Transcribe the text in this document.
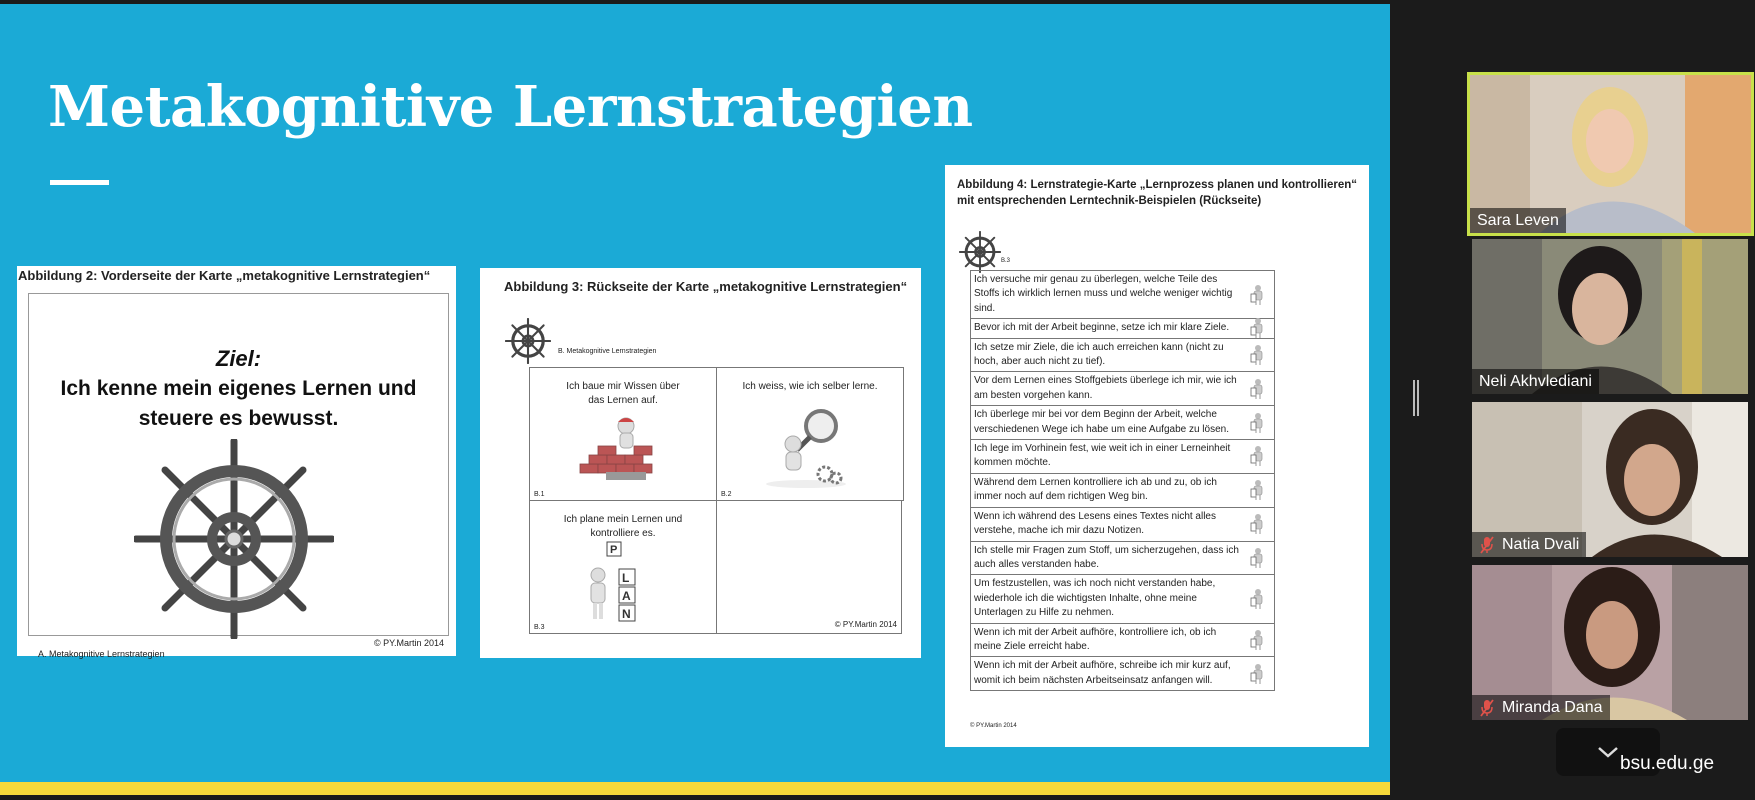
Metakognitive Lernstrategien
Abbildung 2: Vorderseite der Karte „metakognitive Lernstrategien“
Ziel:
Ich kenne mein eigenes Lernen und
steuere es bewusst.
A. Metakognitive Lernstrategien
© PY.Martin 2014
Abbildung 3: Rückseite der Karte „metakognitive Lernstrategien“
B. Metakognitive Lernstrategien
Ich baue mir Wissen über
das Lernen auf.
B.1
Ich weiss, wie ich selber lerne.
B.2
Ich plane mein Lernen und
kontrolliere es.
P
L
A
N
B.3	© PY.Martin 2014
Abbildung 4: Lernstrategie-Karte „Lernprozess planen und kontrollieren“
mit entsprechenden Lerntechnik-Beispielen (Rückseite)
B.3
Ich versuche mir genau zu überlegen, welche Teile des Stoffs ich wirklich lernen muss und welche weniger wichtig sind.
Bevor ich mit der Arbeit beginne, setze ich mir klare Ziele.
Ich setze mir Ziele, die ich auch erreichen kann (nicht zu hoch, aber auch nicht zu tief).
Vor dem Lernen eines Stoffgebiets überlege ich mir, wie ich am besten vorgehen kann.
Ich überlege mir bei vor dem Beginn der Arbeit, welche verschiedenen Wege ich habe um eine Aufgabe zu lösen.
Ich lege im Vorhinein fest, wie weit ich in einer Lerneinheit kommen möchte.
Während dem Lernen kontrolliere ich ab und zu, ob ich immer noch auf dem richtigen Weg bin.
Wenn ich während des Lesens eines Textes nicht alles verstehe, mache ich mir dazu Notizen.
Ich stelle mir Fragen zum Stoff, um sicherzugehen, dass ich auch alles verstanden habe.
Um festzustellen, was ich noch nicht verstanden habe, wiederhole ich die wichtigsten Inhalte, ohne meine Unterlagen zu Hilfe zu nehmen.
Wenn ich mit der Arbeit aufhöre, kontrolliere ich, ob ich meine Ziele erreicht habe.
Wenn ich mit der Arbeit aufhöre, schreibe ich mir kurz auf, womit ich beim nächsten Arbeitseinsatz anfangen will.
© PY.Martin 2014
Sara Leven
Neli Akhvlediani
Natia Dvali
Miranda Dana
bsu.edu.ge
